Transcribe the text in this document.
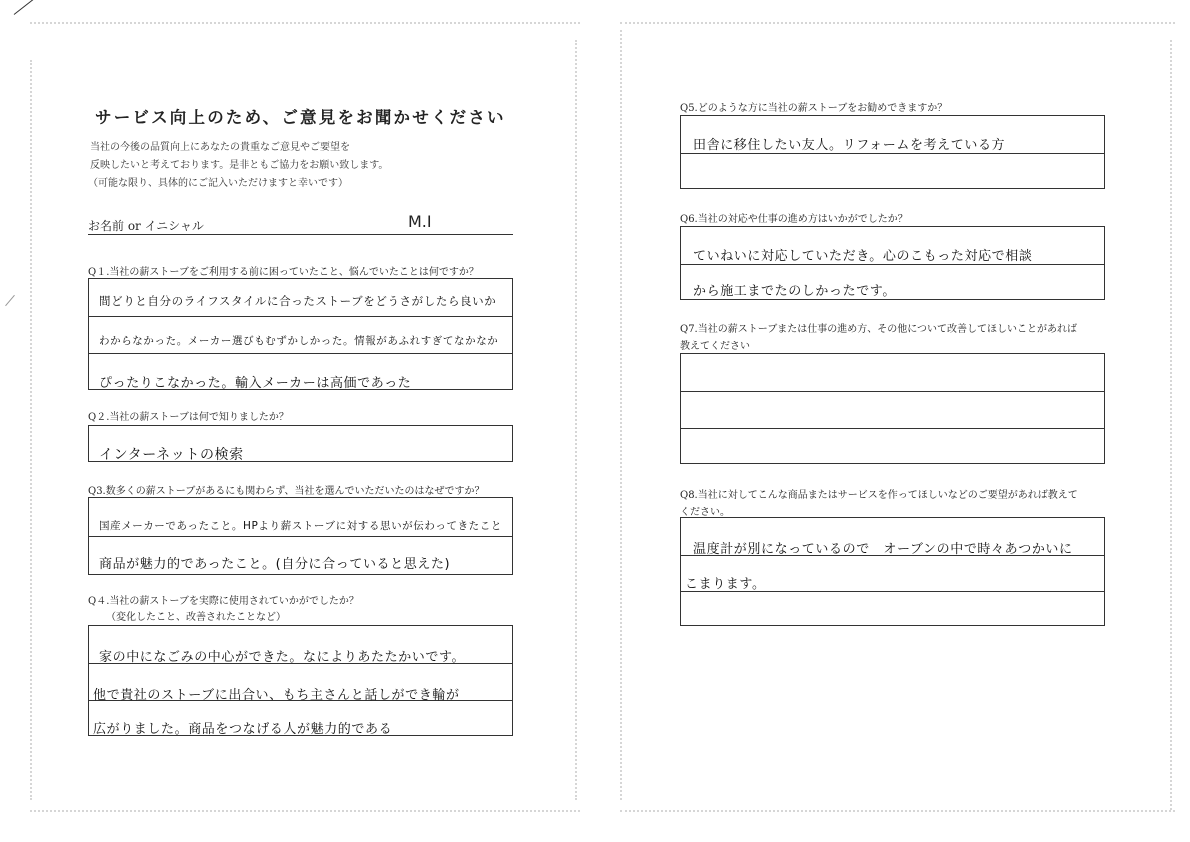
サービス向上のため、ご意見をお聞かせください
当社の今後の品質向上にあなたの貴重なご意見やご要望を
反映したいと考えております。是非ともご協力をお願い致します。
（可能な限り、具体的にご記入いただけますと幸いです）
お名前 or イニシャル	M.I
Q１.当社の薪ストーブをご利用する前に困っていたこと、悩んでいたことは何ですか？
間どりと自分のライフスタイルに合ったストーブをどうさがしたら良いか
わからなかった。メーカー選びもむずかしかった。情報があふれすぎてなかなか
ぴったりこなかった。輸入メーカーは高価であった
Q２.当社の薪ストーブは何で知りましたか？
インターネットの検索
Q3.数多くの薪ストーブがあるにも関わらず、当社を選んでいただいたのはなぜですか？
国産メーカーであったこと。HPより薪ストーブに対する思いが伝わってきたこと
商品が魅力的であったこと。(自分に合っていると思えた)
Q４.当社の薪ストーブを実際に使用されていかがでしたか？
（変化したこと、改善されたことなど）
家の中になごみの中心ができた。なによりあたたかいです。
他で貴社のストーブに出合い、もち主さんと話しができ輪が
広がりました。商品をつなげる人が魅力的である
Q5.どのような方に当社の薪ストーブをお勧めできますか？
田舎に移住したい友人。リフォームを考えている方
Q6.当社の対応や仕事の進め方はいかがでしたか？
ていねいに対応していただき。心のこもった対応で相談
から施工までたのしかったです。
Q7.当社の薪ストーブまたは仕事の進め方、その他について改善してほしいことがあれば
教えてください
Q8.当社に対してこんな商品またはサービスを作ってほしいなどのご要望があれば教えて
ください。
温度計が別になっているので　オーブンの中で時々あつかいに
こまります。
